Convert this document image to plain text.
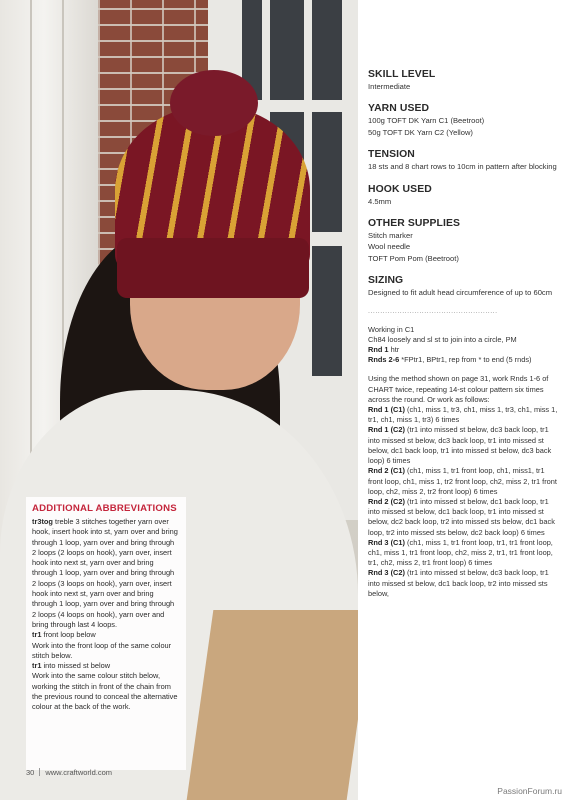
ADDITIONAL ABBREVIATIONS

tr3tog treble 3 stitches together yarn over hook, insert hook into st, yarn over and bring through 1 loop, yarn over and bring through 2 loops (2 loops on hook), yarn over, insert hook into next st, yarn over and bring through 1 loop, yarn over and bring through 2 loops (3 loops on hook), yarn over, insert hook into next st, yarn over and bring through 1 loop, yarn over and bring through 2 loops (4 loops on hook), yarn over and bring through last 4 loops.

tr1 front loop below

Work into the front loop of the same colour stitch below.

tr1 into missed st below

Work into the same colour stitch below, working the stitch in front of the chain from the previous round to conceal the alternative colour at the back of the work.

30 www.craftworld.com
PassionForum.ru
SKILL LEVEL
Intermediate
YARN USED
100g TOFT DK Yarn C1 (Beetroot)
50g TOFT DK Yarn C2 (Yellow)
TENSION
18 sts and 8 chart rows to 10cm in pattern after blocking
HOOK USED
4.5mm
OTHER SUPPLIES
Stitch marker
Wool needle
TOFT Pom Pom (Beetroot)
SIZING
Designed to fit adult head circumference of up to 60cm
.....................................................
Working in C1
Ch84 loosely and sl st to join into a circle, PM
Rnd 1 htr
Rnds 2-6 *FPtr1, BPtr1, rep from * to end (5 rnds)
Using the method shown on page 31, work Rnds 1-6 of CHART twice, repeating 14-st colour pattern six times across the round. Or work as follows:
Rnd 1 (C1) (ch1, miss 1, tr3, ch1, miss 1, tr3, ch1, miss 1, tr1, ch1, miss 1, tr3) 6 times
Rnd 1 (C2) (tr1 into missed st below, dc3 back loop, tr1 into missed st below, dc3 back loop, tr1 into missed st below, dc1 back loop, tr1 into missed st below, dc3 back loop) 6 times
Rnd 2 (C1) (ch1, miss 1, tr1 front loop, ch1, miss1, tr1 front loop, ch1, miss 1, tr2 front loop, ch2, miss 2, tr1 front loop, ch2, miss 2, tr2 front loop) 6 times
Rnd 2 (C2) (tr1 into missed st below, dc1 back loop, tr1 into missed st below, dc1 back loop, tr1 into missed st below, dc2 back loop, tr2 into missed sts below, dc1 back loop, tr2 into missed sts below, dc2 back loop) 6 times
Rnd 3 (C1) (ch1, miss 1, tr1 front loop, tr1, tr1 front loop, ch1, miss 1, tr1 front loop, ch2, miss 2, tr1, tr1 front loop, tr1, ch2, miss 2, tr1 front loop) 6 times
Rnd 3 (C2) (tr1 into missed st below, dc3 back loop, tr1 into missed st below, dc1 back loop, tr2 into missed sts below,
